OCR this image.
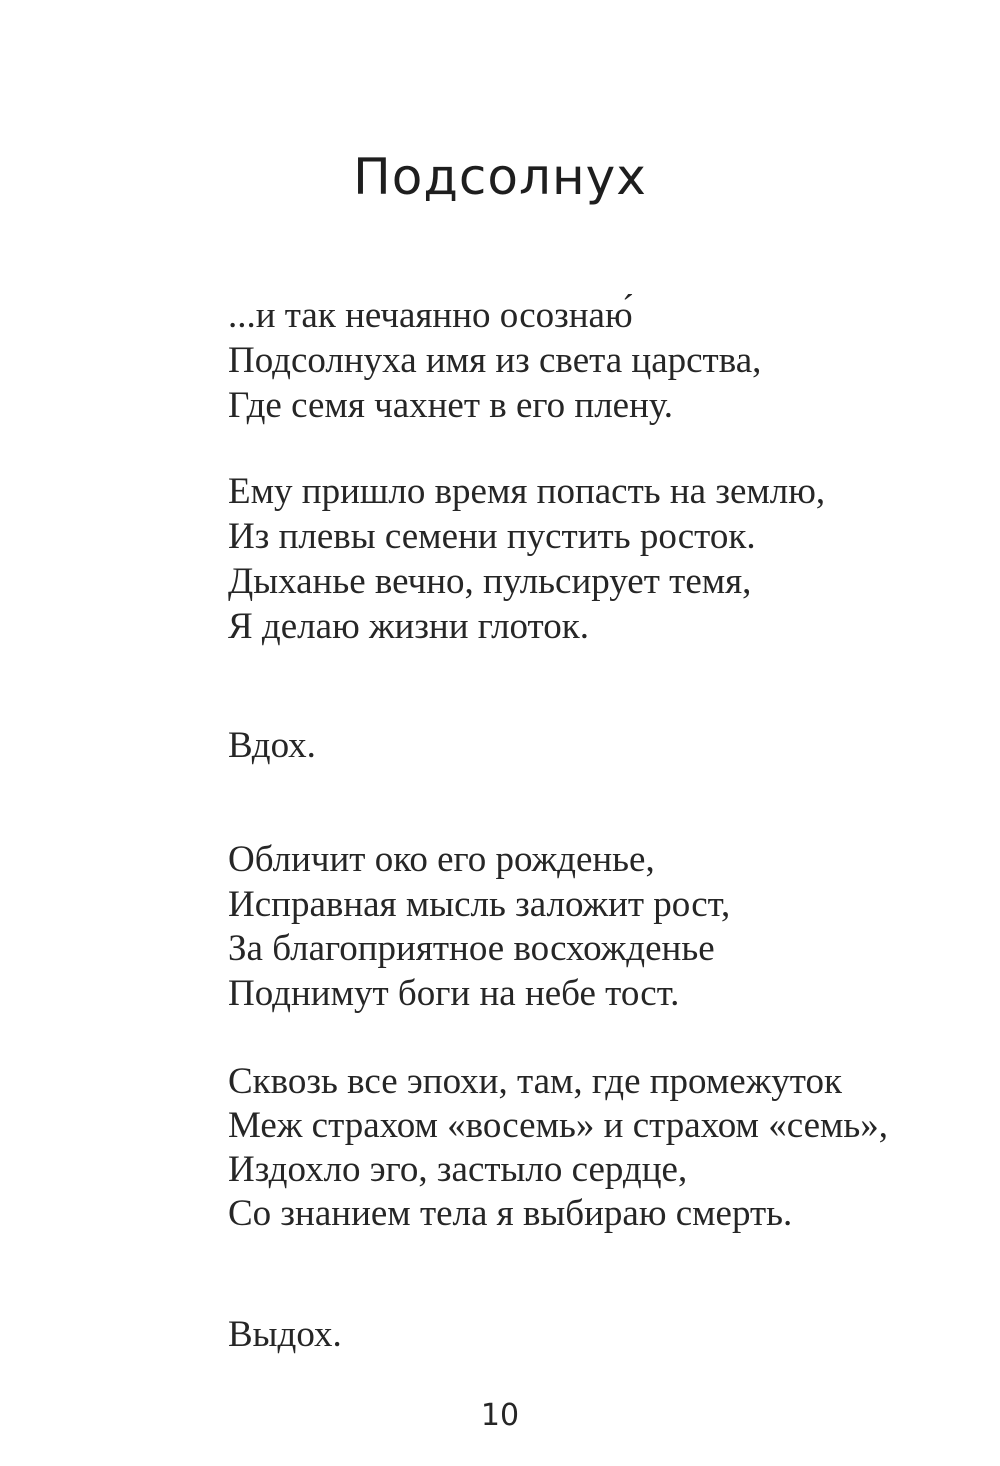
Подсолнух
...и так нечаянно осознаю́
Подсолнуха имя из света царства,
Где семя чахнет в его плену.
Ему пришло время попасть на землю,
Из плевы семени пустить росток.
Дыханье вечно, пульсирует темя,
Я делаю жизни глоток.
Вдох.
Обличит око его рожденье,
Исправная мысль заложит рост,
За благоприятное восхожденье
Поднимут боги на небе тост.
Сквозь все эпохи, там, где промежуток
Меж страхом «восемь» и страхом «семь»,
Издохло эго, застыло сердце,
Со знанием тела я выбираю смерть.
Выдох.
10
